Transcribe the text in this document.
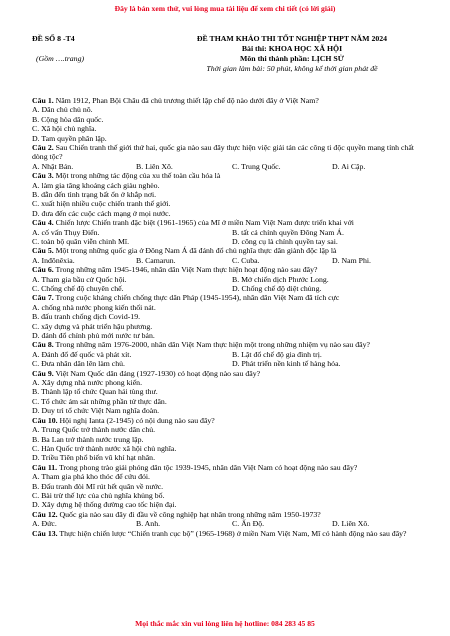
Đây là bản xem thử, vui lòng mua tài liệu để xem chi tiết (có lời giải)
ĐỀ SỐ 8 -T4	ĐỀ THAM KHẢO THI TỐT NGHIỆP THPT NĂM 2024
Bài thi: KHOA HỌC XÃ HỘI
(Gồm ….trang)	Môn thi thành phần: LỊCH SỬ
Thời gian làm bài: 50 phút, không kể thời gian phát đề
Câu 1. Năm 1912, Phan Bội Châu đã chủ trương thiết lập chế độ nào dưới đây ở Việt Nam?
A. Dân chủ chủ nô.
B. Cộng hòa dân quốc.
C. Xã hội chủ nghĩa.
D. Tam quyền phân lập.
Câu 2. Sau Chiến tranh thế giới thứ hai, quốc gia nào sau đây thực hiện việc giải tán các công ti độc quyền mang tính chất dòng tộc?
A. Nhật Bản.	B. Liên Xô.	C. Trung Quốc.	D. Ai Cập.
Câu 3. Một trong những tác động của xu thế toàn cầu hóa là
A. làm gia tăng khoảng cách giàu nghèo.
B. dẫn đến tình trạng bất ổn ở khắp nơi.
C. xuất hiện nhiều cuộc chiến tranh thế giới.
D. đưa đến các cuộc cách mạng ở mọi nước.
Câu 4. Chiến lược Chiến tranh đặc biệt (1961-1965) của Mĩ ở miền Nam Việt Nam được triển khai với
A. cố vấn Thụy Điển.	B. tất cả chính quyền Đông Nam Á.
C. toàn bộ quân viễn chinh Mĩ.	D. công cụ là chính quyền tay sai.
Câu 5. Một trong những quốc gia ở Đông Nam Á đã đánh đổ chủ nghĩa thực dân giành độc lập là
A. Inđônêxia.	B. Camarun.	C. Cuba.	D. Nam Phi.
Câu 6. Trong những năm 1945-1946, nhân dân Việt Nam thực hiện hoạt động nào sau đây?
A. Tham gia bầu cử Quốc hội.	B. Mở chiến dịch Phước Long.
C. Chống chế độ chuyên chế.	D. Chống chế độ diệt chủng.
Câu 7. Trong cuộc kháng chiến chống thực dân Pháp (1945-1954), nhân dân Việt Nam đã tích cực
A. chống nhà nước phong kiến thối nát.
B. đấu tranh chống dịch Covid-19.
C. xây dựng và phát triển hậu phương.
D. đánh đổ chính phủ mới nước tư bản.
Câu 8. Trong những năm 1976-2000, nhân dân Việt Nam thực hiện một trong những nhiệm vụ nào sau đây?
A. Đánh đổ đế quốc và phát xít.	B. Lật đổ chế độ gia đình trị.
C. Đưa nhân dân lên làm chủ.	D. Phát triển nền kinh tế hàng hóa.
Câu 9. Việt Nam Quốc dân đảng (1927-1930) có hoạt động nào sau đây?
A. Xây dựng nhà nước phong kiến.
B. Thành lập tổ chức Quan hải tùng thư.
C. Tổ chức ám sát những phần tử thực dân.
D. Duy trì tổ chức Việt Nam nghĩa đoàn.
Câu 10. Hội nghị Ianta (2-1945) có nội dung nào sau đây?
A. Trung Quốc trở thành nước dân chủ.
B. Ba Lan trở thành nước trung lập.
C. Hàn Quốc trở thành nước xã hội chủ nghĩa.
D. Triều Tiên phổ biến vũ khí hạt nhân.
Câu 11. Trong phong trào giải phóng dân tộc 1939-1945, nhân dân Việt Nam có hoạt động nào sau đây?
A. Tham gia phá kho thóc để cứu đói.
B. Đấu tranh đòi Mĩ rút hết quân về nước.
C. Bài trừ thế lực của chủ nghĩa khủng bố.
D. Xây dựng hệ thống đường cao tốc hiện đại.
Câu 12. Quốc gia nào sau đây đi đầu về công nghiệp hạt nhân trong những năm 1950-1973?
A. Đức.	B. Anh.	C. Ấn Độ.	D. Liên Xô.
Câu 13. Thực hiện chiến lược “Chiến tranh cục bộ” (1965-1968) ở miền Nam Việt Nam, Mĩ có hành động nào sau đây?
Mọi thắc mắc xin vui lòng liên hệ hotline: 084 283 45 85
